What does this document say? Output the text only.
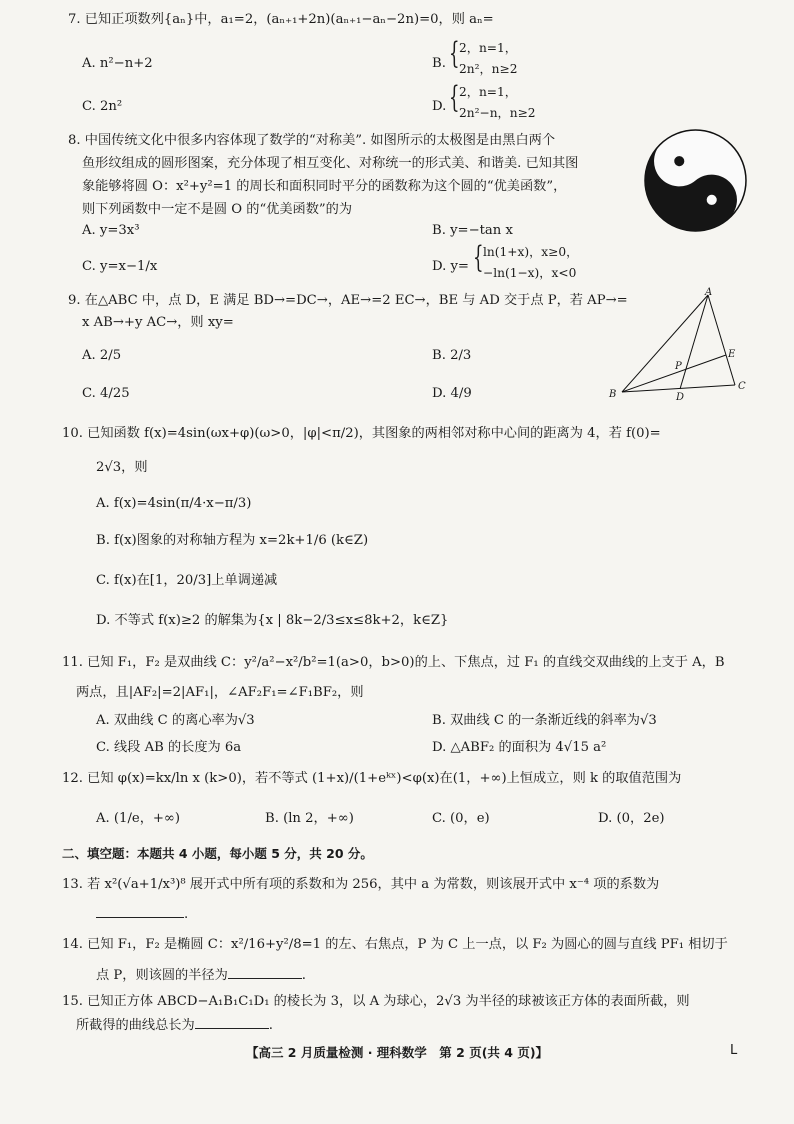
7. 已知正项数列{aₙ}中，a₁=2，(aₙ₊₁+2n)(aₙ₊₁−aₙ−2n)=0，则 aₙ=
A. n²−n+2	B. { 2，n=1，
2n²，n≥2
C. 2n²	D. { 2，n=1，
2n²−n，n≥2
8. 中国传统文化中很多内容体现了数学的“对称美”. 如图所示的太极图是由黑白两个
鱼形纹组成的圆形图案，充分体现了相互变化、对称统一的形式美、和谐美. 已知其图
象能够将圆 O：x²+y²=1 的周长和面积同时平分的函数称为这个圆的“优美函数”，
则下列函数中一定不是圆 O 的“优美函数”的为
A. y=3x³	B. y=−tan x
C. y=x−1/x	D. y= { ln(1+x)，x≥0，
−ln(1−x)，x<0
9. 在△ABC 中，点 D，E 满足 BD→=DC→，AE→=2 EC→，BE 与 AD 交于点 P，若 AP→=
x AB→+y AC→，则 xy=
A. 2/5	B. 2/3
C. 4/25	D. 4/9
A
E
P
B	D
C
10. 已知函数 f(x)=4sin(ωx+φ)(ω>0，|φ|<π/2)，其图象的两相邻对称中心间的距离为 4，若 f(0)=
2√3，则
A. f(x)=4sin(π/4·x−π/3)
B. f(x)图象的对称轴方程为 x=2k+1/6 (k∈Z)
C. f(x)在[1，20/3]上单调递减
D. 不等式 f(x)≥2 的解集为{x | 8k−2/3≤x≤8k+2，k∈Z}
11. 已知 F₁，F₂ 是双曲线 C：y²/a²−x²/b²=1(a>0，b>0)的上、下焦点，过 F₁ 的直线交双曲线的上支于 A，B
两点，且|AF₂|=2|AF₁|，∠AF₂F₁=∠F₁BF₂，则
A. 双曲线 C 的离心率为√3	B. 双曲线 C 的一条渐近线的斜率为√3
C. 线段 AB 的长度为 6a	D. △ABF₂ 的面积为 4√15 a²
12. 已知 φ(x)=kx/ln x (k>0)，若不等式 (1+x)/(1+eᵏˣ)<φ(x)在(1，+∞)上恒成立，则 k 的取值范围为
A. (1/e，+∞)	B. (ln 2，+∞)	C. (0，e)	D. (0，2e)
二、填空题：本题共 4 小题，每小题 5 分，共 20 分。
13. 若 x²(√a+1/x³)⁸ 展开式中所有项的系数和为 256，其中 a 为常数，则该展开式中 x⁻⁴ 项的系数为
.
14. 已知 F₁，F₂ 是椭圆 C：x²/16+y²/8=1 的左、右焦点，P 为 C 上一点，以 F₂ 为圆心的圆与直线 PF₁ 相切于
点 P，则该圆的半径为	.
15. 已知正方体 ABCD−A₁B₁C₁D₁ 的棱长为 3，以 A 为球心，2√3 为半径的球被该正方体的表面所截，则
所截得的曲线总长为	.
【高三 2 月质量检测 · 理科数学　第 2 页(共 4 页)】	L
